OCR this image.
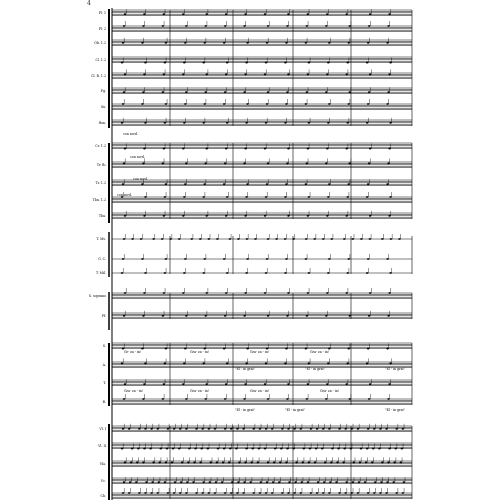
4
Fl. 1
Fl. 2
Ob. 1.2
Cl. 1.2
Cl. B. 1.2
Fg.
Sx.
Bsn.
Cr. 1.2
Tr. B♭
Tr. 1.2
Tbn. 1.2
Tba.
T. Ms.
G. C.
T. Mil.
S. soprano
Pf.
S.
A.
T.
B.
Vl. I
Vl. II
Vla.
Vc.
Cb.
con sord.
con sord.
con sord.
con sord.
Gr- za - in!	Gra- za - in!	Gra- za - in!	Gra- za - in!
"El - in grai"	"El - in grai"	"El - in grai"
Gra- za - in!	Gra- za - in!	Gra- za - in!	Gra- za - in!
"El - in grai"	"El - in grai"	"El - in grai"
